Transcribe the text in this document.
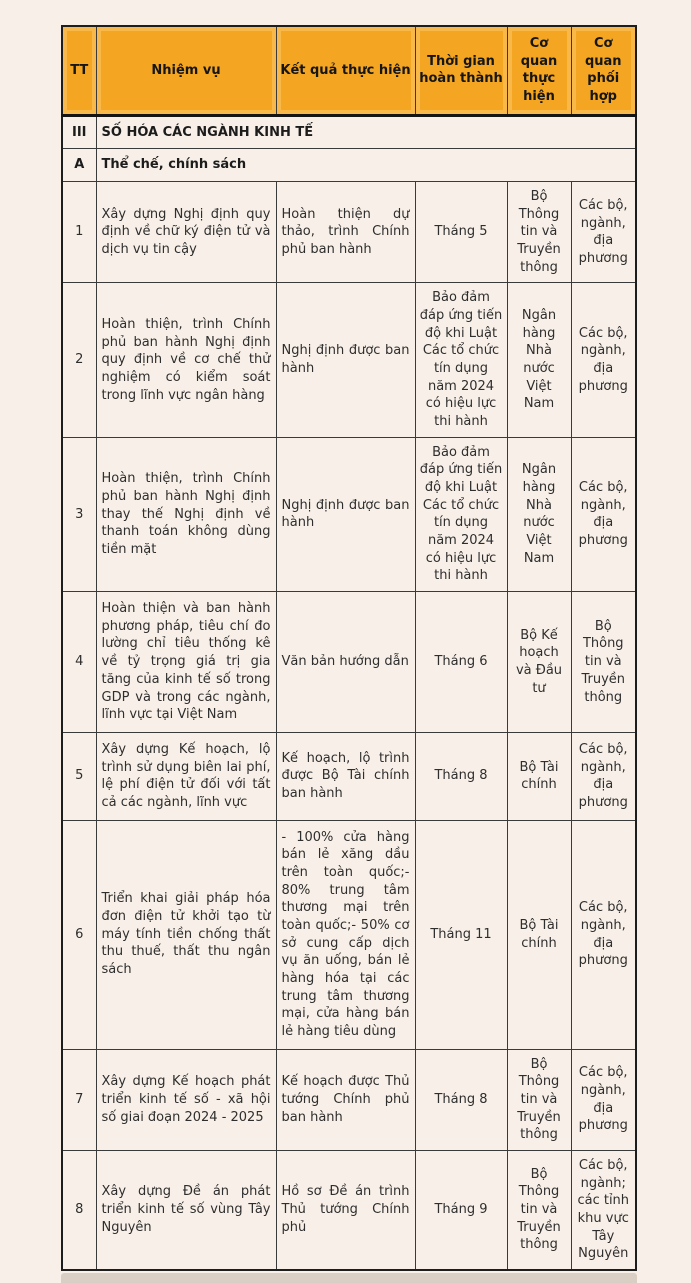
TT	Nhiệm vụ	Kết quả thực hiện	Thời gian hoàn thành	Cơ quan thực hiện	Cơ quan phối hợp
III	SỐ HÓA CÁC NGÀNH KINH TẾ				
A	Thể chế, chính sách				
1	Xây dựng Nghị định quy định về chữ ký điện tử và dịch vụ tin cậy	Hoàn thiện dự thảo, trình Chính phủ ban hành	Tháng 5	Bộ Thông tin và Truyền thông	Các bộ, ngành, địa phương
2	Hoàn thiện, trình Chính phủ ban hành Nghị định quy định về cơ chế thử nghiệm có kiểm soát trong lĩnh vực ngân hàng	Nghị định được ban hành	Bảo đảm đáp ứng tiến độ khi Luật Các tổ chức tín dụng năm 2024 có hiệu lực thi hành	Ngân hàng Nhà nước Việt Nam	Các bộ, ngành, địa phương
3	Hoàn thiện, trình Chính phủ ban hành Nghị định thay thế Nghị định về thanh toán không dùng tiền mặt	Nghị định được ban hành	Bảo đảm đáp ứng tiến độ khi Luật Các tổ chức tín dụng năm 2024 có hiệu lực thi hành	Ngân hàng Nhà nước Việt Nam	Các bộ, ngành, địa phương
4	Hoàn thiện và ban hành phương pháp, tiêu chí đo lường chỉ tiêu thống kê về tỷ trọng giá trị gia tăng của kinh tế số trong GDP và trong các ngành, lĩnh vực tại Việt Nam	Văn bản hướng dẫn	Tháng 6	Bộ Kế hoạch và Đầu tư	Bộ Thông tin và Truyền thông
5	Xây dựng Kế hoạch, lộ trình sử dụng biên lai phí, lệ phí điện tử đối với tất cả các ngành, lĩnh vực	Kế hoạch, lộ trình được Bộ Tài chính ban hành	Tháng 8	Bộ Tài chính	Các bộ, ngành, địa phương
6	Triển khai giải pháp hóa đơn điện tử khởi tạo từ máy tính tiền chống thất thu thuế, thất thu ngân sách	- 100% cửa hàng bán lẻ xăng dầu trên toàn quốc;- 80% trung tâm thương mại trên toàn quốc;- 50% cơ sở cung cấp dịch vụ ăn uống, bán lẻ hàng hóa tại các trung tâm thương mại, cửa hàng bán lẻ hàng tiêu dùng	Tháng 11	Bộ Tài chính	Các bộ, ngành, địa phương
7	Xây dựng Kế hoạch phát triển kinh tế số - xã hội số giai đoạn 2024 - 2025	Kế hoạch được Thủ tướng Chính phủ ban hành	Tháng 8	Bộ Thông tin và Truyền thông	Các bộ, ngành, địa phương
8	Xây dựng Đề án phát triển kinh tế số vùng Tây Nguyên	Hồ sơ Đề án trình Thủ tướng Chính phủ	Tháng 9	Bộ Thông tin và Truyền thông	Các bộ, ngành; các tỉnh khu vực Tây Nguyên
